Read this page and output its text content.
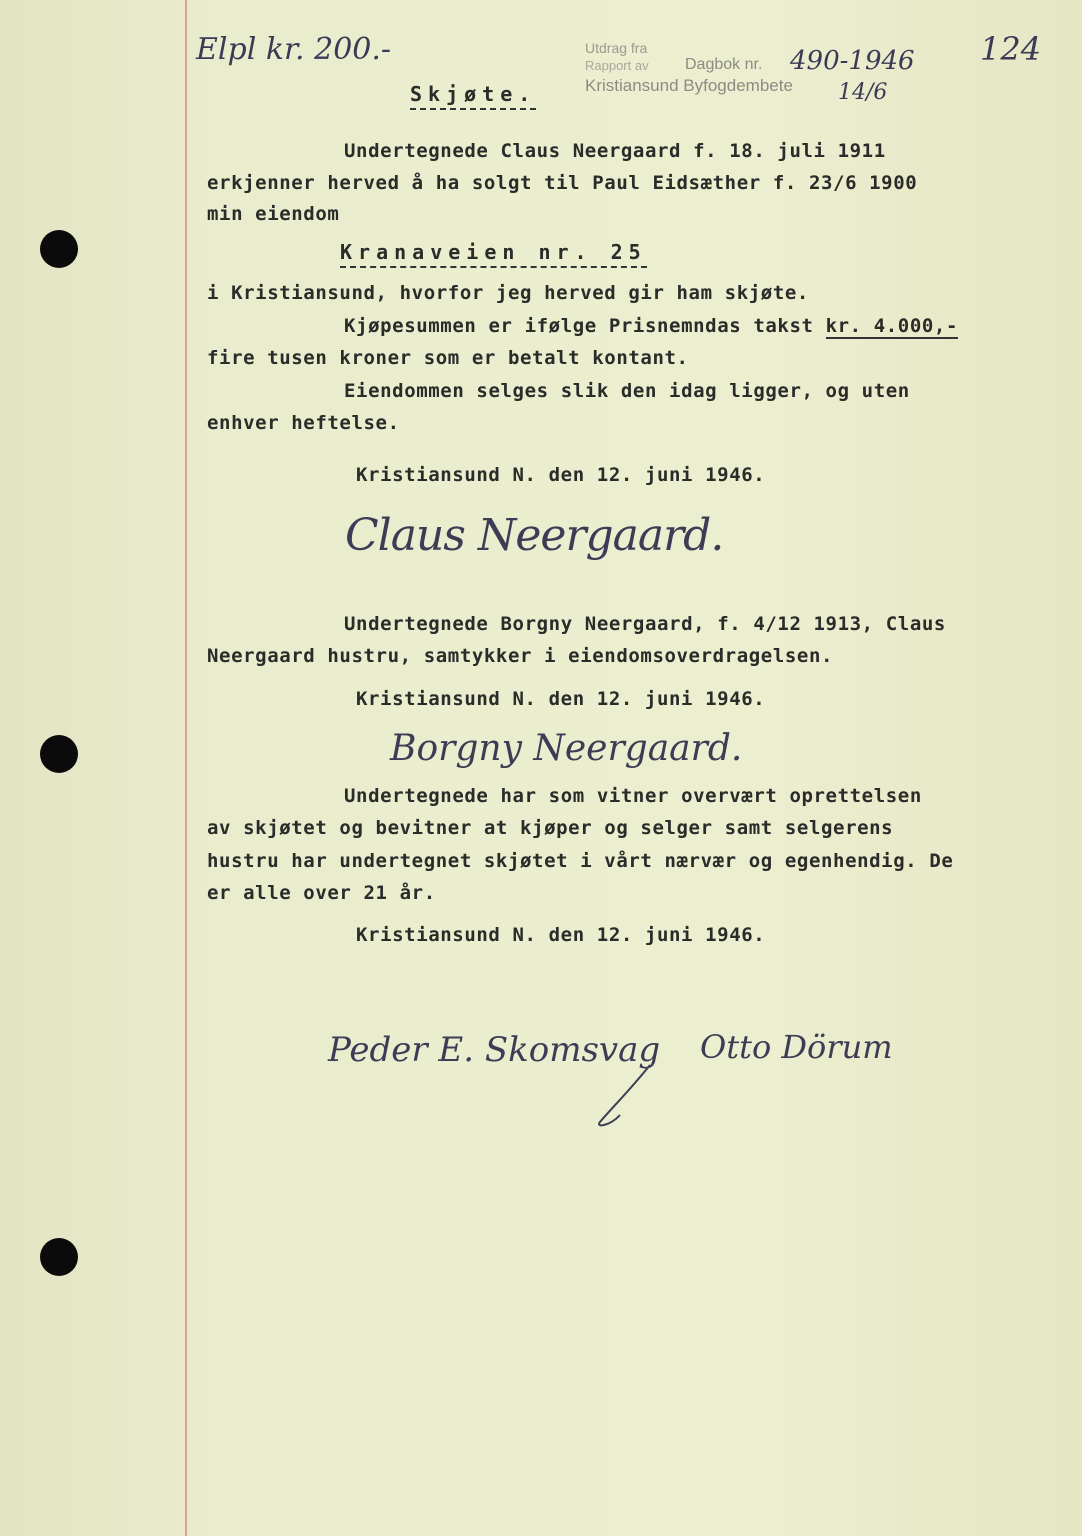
Elpl kr. 200.-	Utdrag fra
Rapport av
Kristiansund Byfogdembete
Dagbok nr. 490-1946
14/6
124
Skjøte.
Undertegnede Claus Neergaard f. 18. juli 1911
erkjenner herved å ha solgt til Paul Eidsæther f. 23/6 1900
min eiendom
Kranaveien nr. 25
i Kristiansund, hvorfor jeg herved gir ham skjøte.
Kjøpesummen er ifølge Prisnemndas takst kr. 4.000,-
fire tusen kroner som er betalt kontant.
Eiendommen selges slik den idag ligger, og uten
enhver heftelse.
Kristiansund N. den 12. juni 1946.
Claus Neergaard.
Undertegnede Borgny Neergaard, f. 4/12 1913, Claus
Neergaard hustru, samtykker i eiendomsoverdragelsen.
Kristiansund N. den 12. juni 1946.
Borgny Neergaard.
Undertegnede har som vitner overvært oprettelsen
av skjøtet og bevitner at kjøper og selger samt selgerens
hustru har undertegnet skjøtet i vårt nærvær og egenhendig. De
er alle over 21 år.
Kristiansund N. den 12. juni 1946.
Peder E. Skomsvag Otto Dörum
